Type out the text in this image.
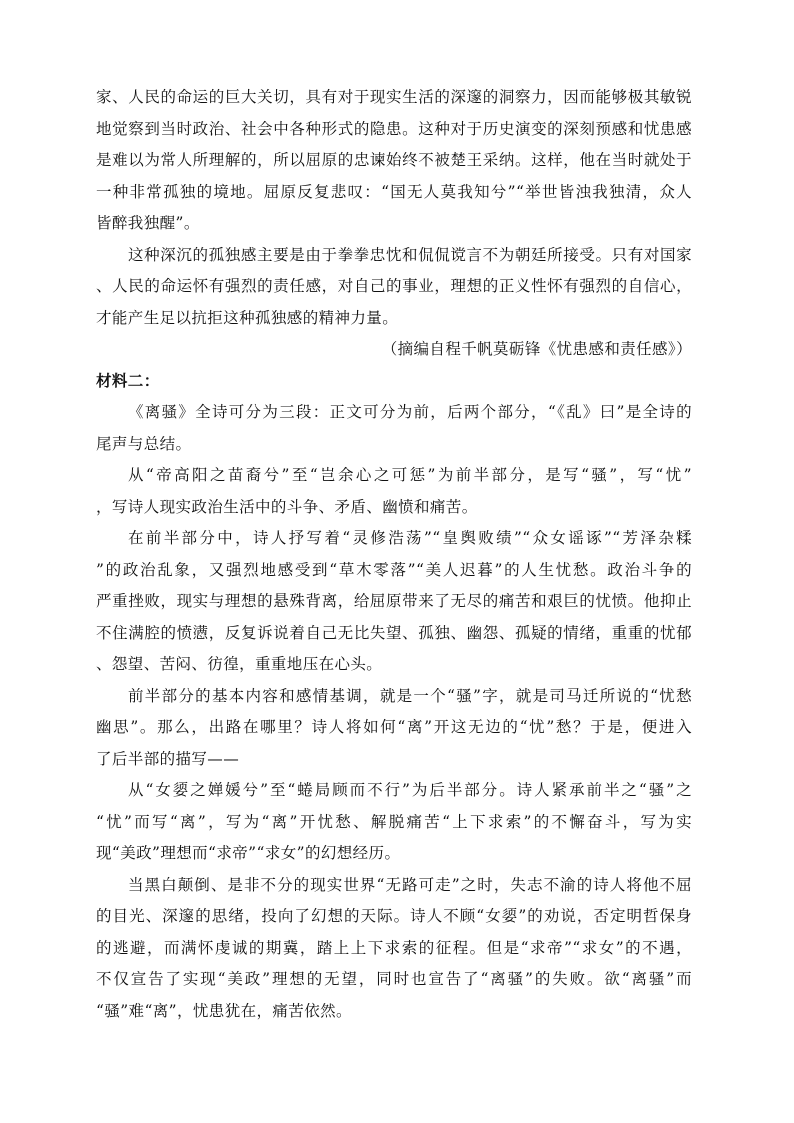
家、人民的命运的巨大关切，具有对于现实生活的深邃的洞察力，因而能够极其敏锐
地觉察到当时政治、社会中各种形式的隐患。这种对于历史演变的深刻预感和忧患感
是难以为常人所理解的，所以屈原的忠谏始终不被楚王采纳。这样，他在当时就处于
一种非常孤独的境地。屈原反复悲叹：“国无人莫我知兮”“举世皆浊我独清，众人
皆醉我独醒”。
这种深沉的孤独感主要是由于拳拳忠忱和侃侃谠言不为朝廷所接受。只有对国家
、人民的命运怀有强烈的责任感，对自己的事业，理想的正义性怀有强烈的自信心，
才能产生足以抗拒这种孤独感的精神力量。
（摘编自程千帆莫砺锋《忧患感和责任感》）
材料二：
《离骚》全诗可分为三段：正文可分为前，后两个部分，“《乱》曰”是全诗的
尾声与总结。
从“帝高阳之苗裔兮”至“岂余心之可惩”为前半部分，是写“骚”，写“忧”
，写诗人现实政治生活中的斗争、矛盾、幽愤和痛苦。
在前半部分中，诗人抒写着“灵修浩荡”“皇舆败绩”“众女谣诼”“芳泽杂糅
”的政治乱象，又强烈地感受到“草木零落”“美人迟暮”的人生忧愁。政治斗争的
严重挫败，现实与理想的悬殊背离，给屈原带来了无尽的痛苦和艰巨的忧愤。他抑止
不住满腔的愤懑，反复诉说着自己无比失望、孤独、幽怨、孤疑的情绪，重重的忧郁
、怨望、苦闷、彷徨，重重地压在心头。
前半部分的基本内容和感情基调，就是一个“骚”字，就是司马迁所说的“忧愁
幽思”。那么，出路在哪里？诗人将如何“离”开这无边的“忧”愁？于是，便进入
了后半部的描写——
从“女媭之婵媛兮”至“蜷局顾而不行”为后半部分。诗人紧承前半之“骚”之
“忧”而写“离”，写为“离”开忧愁、解脱痛苦“上下求索”的不懈奋斗，写为实
现“美政”理想而“求帝”“求女”的幻想经历。
当黑白颠倒、是非不分的现实世界“无路可走”之时，失志不渝的诗人将他不屈
的目光、深邃的思绪，投向了幻想的天际。诗人不顾“女媭”的劝说，否定明哲保身
的逃避，而满怀虔诚的期冀，踏上上下求索的征程。但是“求帝”“求女”的不遇，
不仅宣告了实现“美政”理想的无望，同时也宣告了“离骚”的失败。欲“离骚”而
“骚”难“离”，忧患犹在，痛苦依然。
